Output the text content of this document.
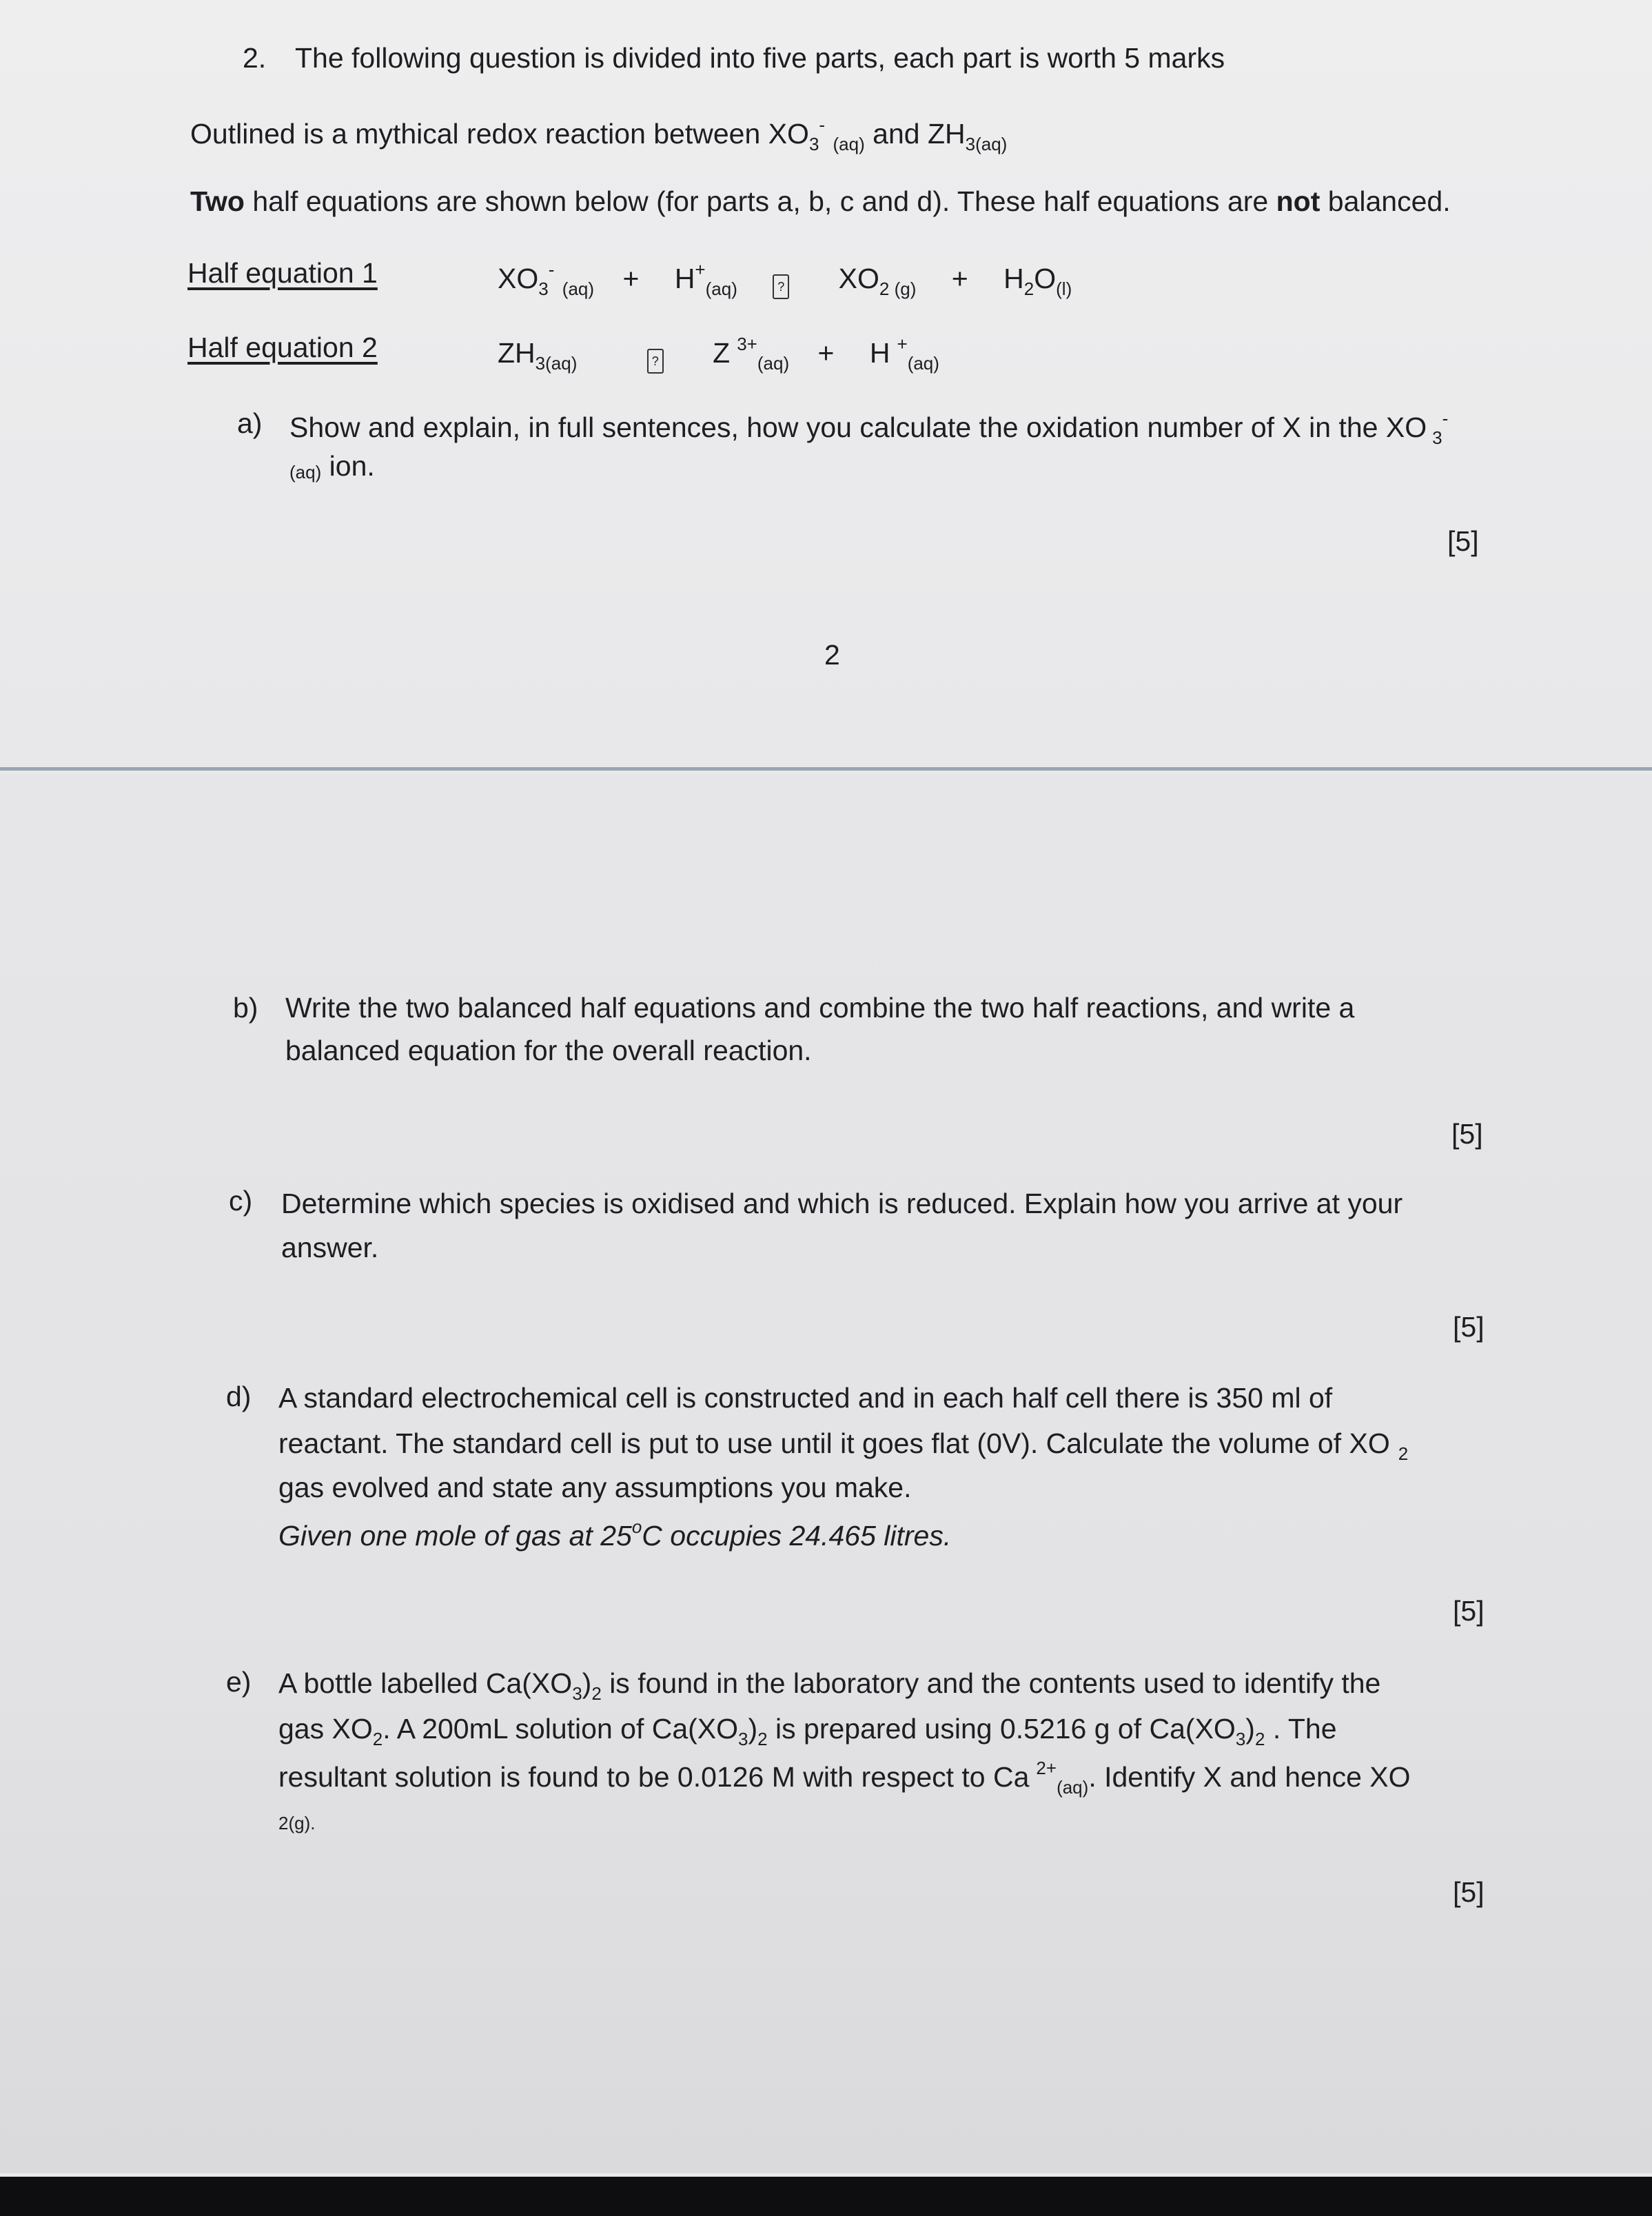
2. The following question is divided into five parts, each part is worth 5 marks
Outlined is a mythical redox reaction between $XO_3^-$ $_{(aq)}$ and $ZH_{3(aq)}$
Two half equations are shown below (for parts a, b, c and d). These half equations are not balanced.
Half equation 1	$XO_3^-$ $_{(aq)} + H^+_{(aq)}$	? $XO_{2 (g)} + H_2O_{(l)}$
Half equation 2	$ZH_{3(aq)}$	? Z $^{3+}_{(aq)}$ + H +$_{(aq)}$
a) Show and explain, in full sentences, how you calculate the oxidation number of X in the XO $_3$-
(aq) ion.
[5]
2
b) Write the two balanced half equations and combine the two half reactions, and write a
balanced equation for the overall reaction.
[5]
c) Determine which species is oxidised and which is reduced. Explain how you arrive at your
answer.
[5]
d) A standard electrochemical cell is constructed and in each half cell there is 350 ml of
reactant. The standard cell is put to use until it goes flat (0V). Calculate the volume of XO $_2$
gas evolved and state any assumptions you make.
Given one mole of gas at 25$^o$C occupies 24.465 litres.
[5]
e) A bottle labelled $Ca(XO_3)_2$ is found in the laboratory and the contents used to identify the
gas $XO_2$. A 200mL solution of $Ca(XO_3)_2$ is prepared using 0.5216 g of $Ca(XO_3)_2$ . The
resultant solution is found to be 0.0126 M with respect to Ca $^{2+}_{(aq)}$. Identify X and hence XO
2(g).
[5]
